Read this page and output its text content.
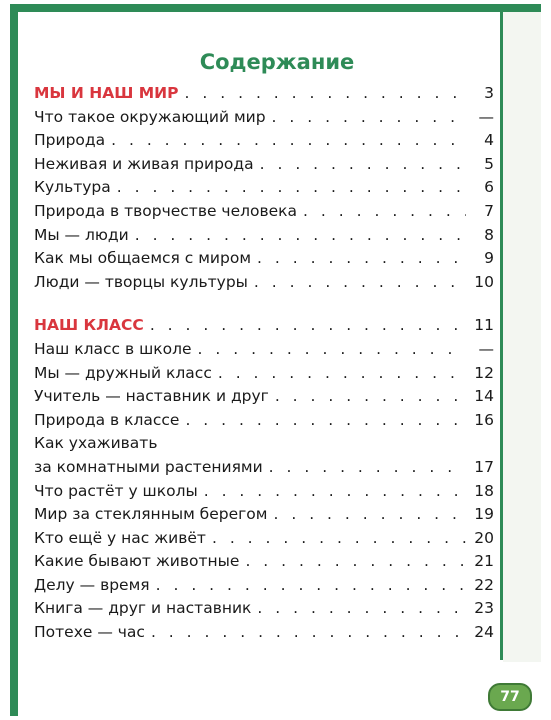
Содержание
МЫ И НАШ МИР . . .	3
Что такое окружающий мир . . .	—
Природа . . .	4
Неживая и живая природа . . .	5
Культура . . .	6
Природа в творчестве человека . . .	7
Мы — люди . . .	8
Как мы общаемся с миром . . .	9
Люди — творцы культуры . . .	10
НАШ КЛАСС . . .	11
Наш класс в школе . . .	—
Мы — дружный класс . . .	12
Учитель — наставник и друг . . .	14
Природа в классе . . .	16
Как ухаживать
за комнатными растениями . . .	17
Что растёт у школы . . .	18
Мир за стеклянным берегом . . .	19
Кто ещё у нас живёт . . .	20
Какие бывают животные . . .	21
Делу — время . . .	22
Книга — друг и наставник . . .	23
Потехе — час . . .	24
77
